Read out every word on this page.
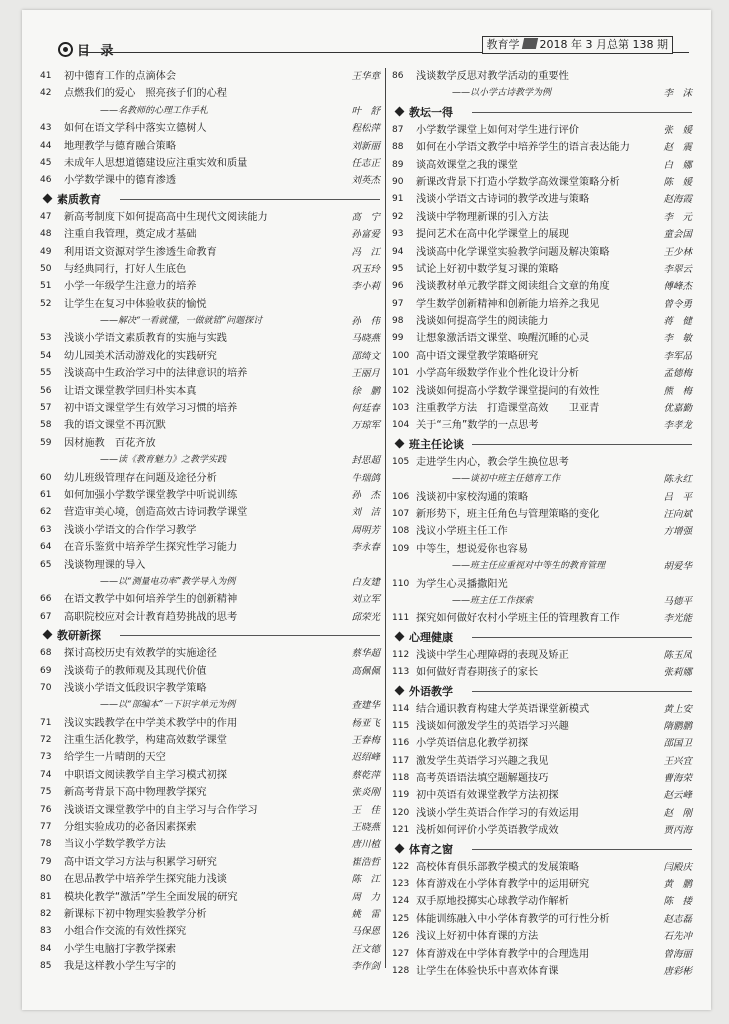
目 录	教育学 2018 年 3 月总第 138 期
41	初中德育工作的点滴体会	王华章
42	点燃我们的爱心　照亮孩子们的心程
——名教师的心理工作手札	叶　舒
43	如何在语文学科中落实立德树人	程松萍
44	地理教学与德育融合策略	刘新丽
45	未成年人思想道德建设应注重实效和质量	任志正
46	小学数学课中的德育渗透	刘英杰
素质教育
47	新高考制度下如何提高高中生现代文阅读能力	高　宁
48	注重自我管理，奠定成才基础	孙富爱
49	利用语文资源对学生渗透生命教育	冯　江
50	与经典同行，打好人生底色	巩玉玲
51	小学一年级学生注意力的培养	李小莉
52	让学生在复习中体验收获的愉悦
——解决“一看就懂，一做就错”问题探讨	孙　伟
53	浅谈小学语文素质教育的实施与实践	马晓燕
54	幼儿园美术活动游戏化的实践研究	邵绮文
55	浅谈高中生政治学习中的法律意识的培养	王丽月
56	让语文课堂教学回归朴实本真	徐　鹏
57	初中语文课堂学生有效学习习惯的培养	何廷春
58	我的语文课堂不再沉默	万琼军
59	因材施教　百花齐放
——读《教育魅力》之教学实践	封思超
60	幼儿班级管理存在问题及途径分析	牛瑞鸽
61	如何加强小学数学课堂教学中听说训练	孙　杰
62	营造审美心境，创造高效古诗词教学课堂	刘　洁
63	浅谈小学语文的合作学习教学	周明芳
64	在音乐鉴赏中培养学生探究性学习能力	李永春
65	浅谈物理课的导入
——以“测量电功率”教学导入为例	白友建
66	在语文教学中如何培养学生的创新精神	刘立军
67	高职院校应对会计教育趋势挑战的思考	邱荣光
教研新探
68	探讨高校历史有效教学的实施途径	蔡华超
69	浅谈荀子的教师观及其现代价值	高佩佩
70	浅谈小学语文低段识字教学策略
——以“部编本”一下识字单元为例	查建华
71	浅议实践教学在中学美术教学中的作用	杨亚飞
72	注重生活化教学，构建高效数学课堂	王春梅
73	给学生一片晴朗的天空	迟绍峰
74	中职语文阅读教学自主学习模式初探	蔡乾萍
75	新高考背景下高中物理教学探究	张炎刚
76	浅谈语文课堂教学中的自主学习与合作学习	王　佳
77	分组实验成功的必备因素探索	王晓燕
78	当议小学数学教学方法	唐川植
79	高中语文学习方法与积累学习研究	崔浩哲
80	在思品教学中培养学生探究能力浅谈	陈　江
81	模块化教学“激活”学生全面发展的研究	周　力
82	新课标下初中物理实验教学分析	姚　雷
83	小组合作交流的有效性探究	马保恩
84	小学生电脑打字教学探索	汪文德
85	我是这样教小学生写字的	李作剑
86	浅谈数学反思对教学活动的重要性
——以小学古诗教学为例	李　沫
教坛一得
87	小学数学课堂上如何对学生进行评价	张　媛
88	如何在小学语文教学中培养学生的语言表达能力	赵　震
89	谈高效课堂之我的课堂	白　娜
90	新课改背景下打造小学数学高效课堂策略分析	陈　媛
91	浅谈小学语文古诗词的教学改进与策略	赵海霞
92	浅谈中学物理新课的引入方法	李　元
93	提问艺术在高中化学课堂上的展现	童会国
94	浅谈高中化学课堂实验教学问题及解决策略	王少林
95	试论上好初中数学复习课的策略	李翠云
96	浅谈教材单元教学群文阅读组合文章的角度	傅峰杰
97	学生数学创新精神和创新能力培养之我见	曾令勇
98	浅谈如何提高学生的阅读能力	蒋　健
99	让想象激活语文课堂、唤醒沉睡的心灵	李　敏
100 高中语文课堂教学策略研究	李军品
101 小学高年级数学作业个性化设计分析	孟德梅
102 浅谈如何提高小学数学课堂提问的有效性	熊　梅
103 注重教学方法　打造课堂高效　　卫亚青	优嘉勤
104 关于“三角”数学的一点思考	李孝龙
班主任论谈
105 走进学生内心，教会学生换位思考
——谈初中班主任德育工作	陈永红
106 浅谈初中家校沟通的策略	吕　平
107 新形势下，班主任角色与管理策略的变化	汪向斌
108 浅议小学班主任工作	方增强
109 中等生，想说爱你也容易
——班主任应重视对中等生的教育管理	胡爱华
110 为学生心灵播撒阳光
——班主任工作探索	马德平
111 探究如何做好农村小学班主任的管理教育工作	李光能
心理健康
112 浅谈中学生心理障碍的表现及矫正	陈玉凤
113 如何做好青春期孩子的家长	张莉娜
外语教学
114 结合通识教育构建大学英语课堂新模式	黄上安
115 浅谈如何激发学生的英语学习兴趣	隋鹏鹏
116 小学英语信息化教学初探	邵国卫
117 激发学生英语学习兴趣之我见	王兴宜
118 高考英语语法填空题解题技巧	曹海荣
119 初中英语有效课堂教学方法初探	赵云峰
120 浅谈小学生英语合作学习的有效运用	赵　刚
121 浅析如何评价小学英语教学成效	贾丙海
体育之窗
122 高校体育俱乐部教学模式的发展策略	闫殿庆
123 体育游戏在小学体育教学中的运用研究	黄　鹏
124 双手原地投掷实心球教学动作解析	陈　搂
125 体能训练融入中小学体育教学的可行性分析	赵志磊
126 浅议上好初中体育课的方法	石先冲
127 体育游戏在中学体育教学中的合理选用	曾海丽
128 让学生在体验快乐中喜欢体育课	唐彩彬
